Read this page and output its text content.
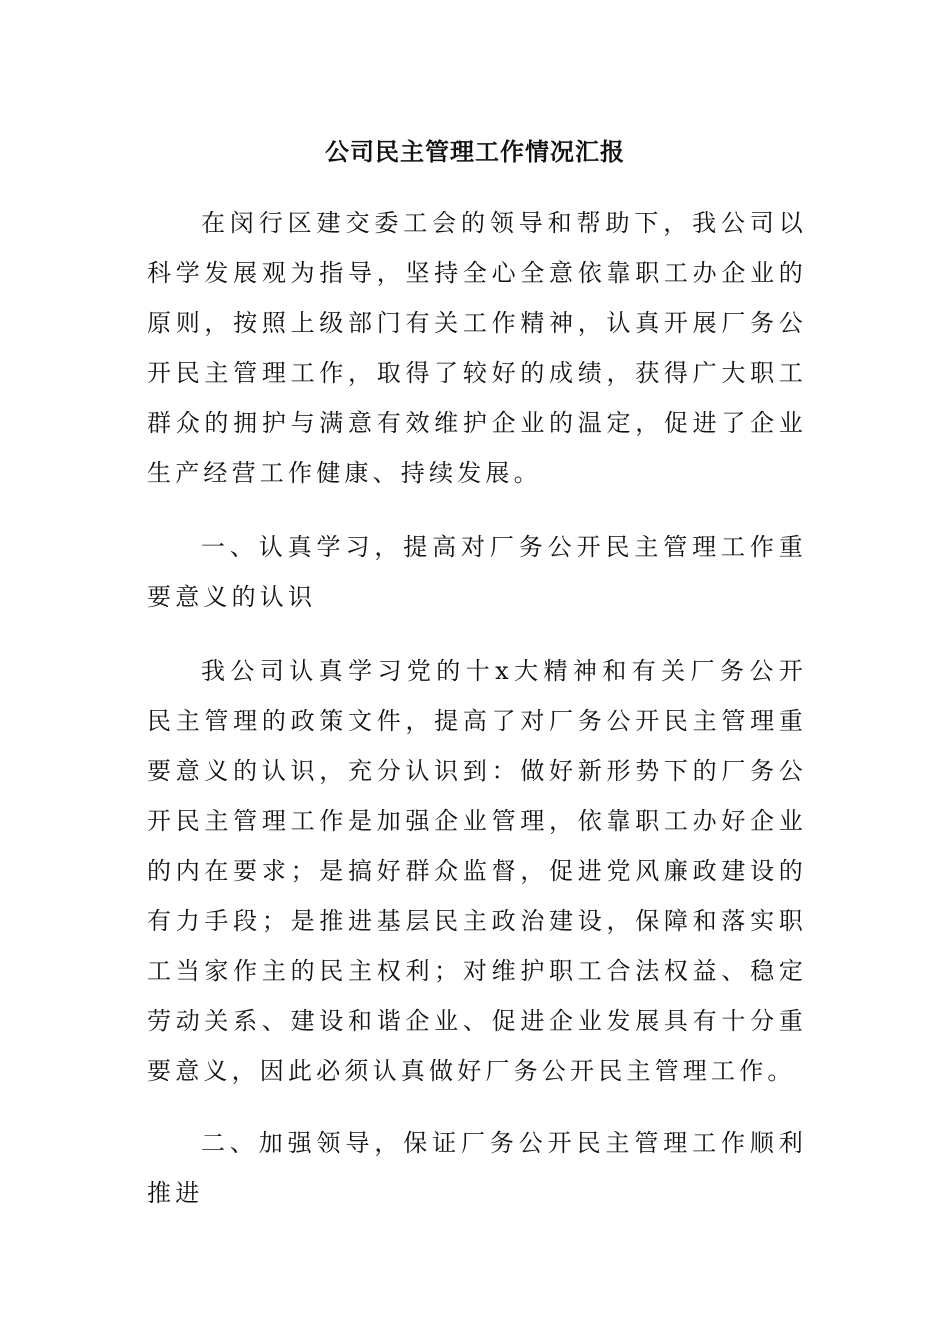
公司民主管理工作情况汇报

在闵行区建交委工会的领导和帮助下，我公司以科学发展观为指导，坚持全心全意依靠职工办企业的原则，按照上级部门有关工作精神，认真开展厂务公开民主管理工作，取得了较好的成绩，获得广大职工群众的拥护与满意有效维护企业的温定，促进了企业生产经营工作健康、持续发展。

一、认真学习，提高对厂务公开民主管理工作重要意义的认识

我公司认真学习党的十x大精神和有关厂务公开民主管理的政策文件，提高了对厂务公开民主管理重要意义的认识，充分认识到：做好新形势下的厂务公开民主管理工作是加强企业管理，依靠职工办好企业的内在要求；是搞好群众监督，促进党风廉政建设的有力手段；是推进基层民主政治建设，保障和落实职工当家作主的民主权利；对维护职工合法权益、稳定劳动关系、建设和谐企业、促进企业发展具有十分重要意义，因此必须认真做好厂务公开民主管理工作。

二、加强领导，保证厂务公开民主管理工作顺利推进
